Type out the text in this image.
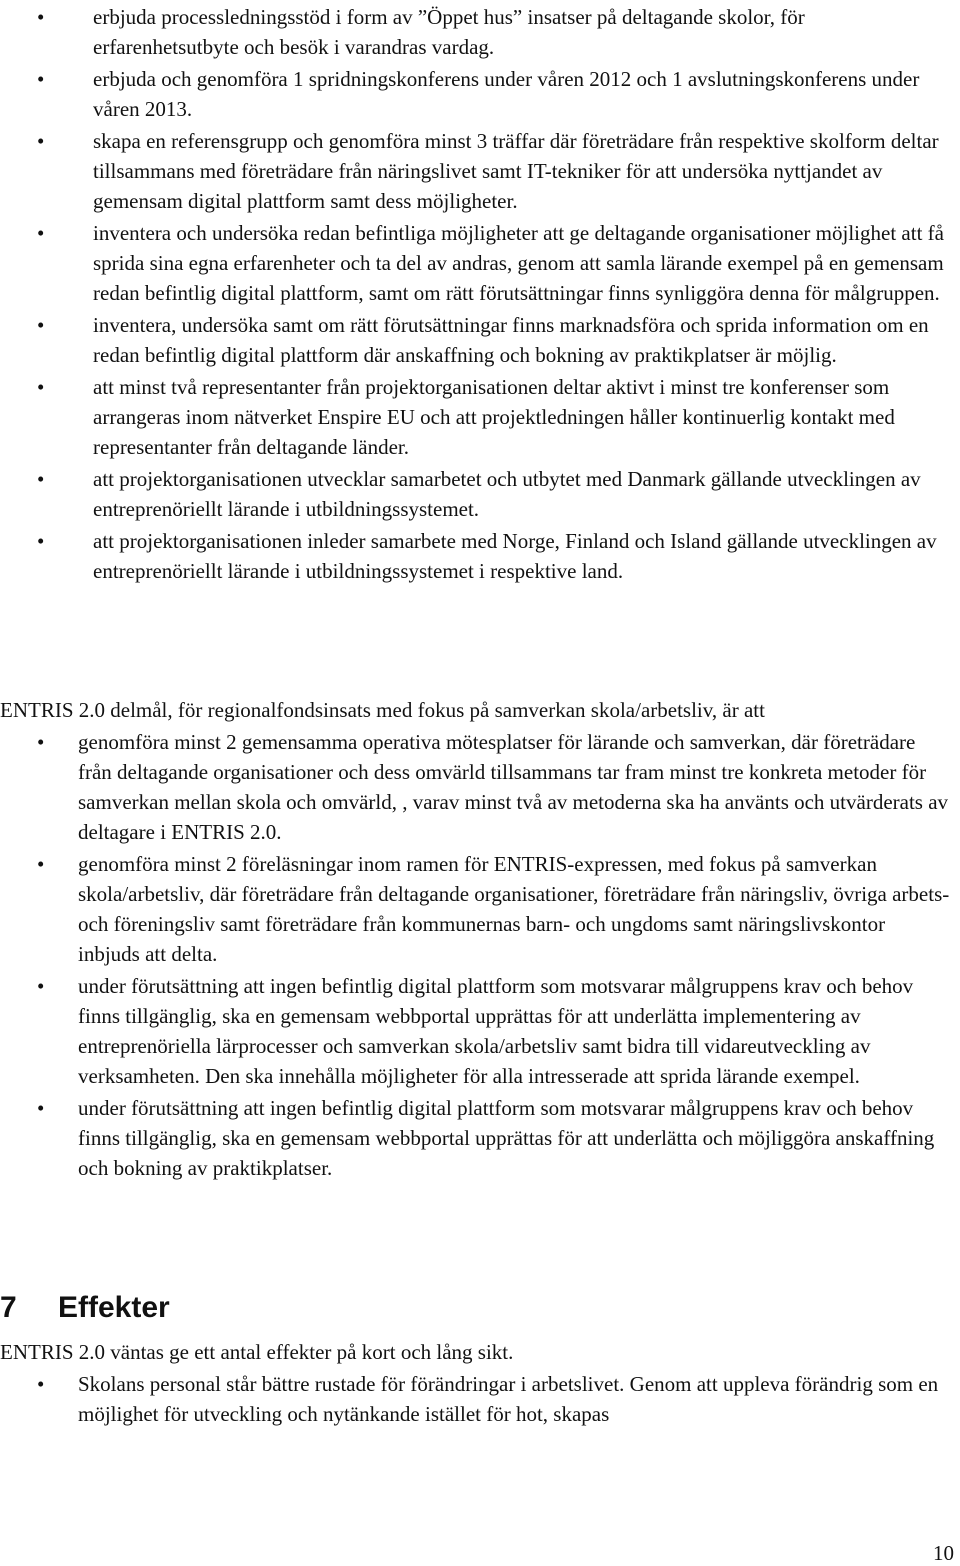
• erbjuda processledningsstöd i form av ”Öppet hus” insatser på deltagande skolor, för erfarenhetsutbyte och besök i varandras vardag.
• erbjuda och genomföra 1 spridningskonferens under våren 2012 och 1 avslutningskonferens under våren 2013.
• skapa en referensgrupp och genomföra minst 3 träffar där företrädare från respektive skolform deltar tillsammans med företrädare från näringslivet samt IT-tekniker för att undersöka nyttjandet av gemensam digital plattform samt dess möjligheter.
• inventera och undersöka redan befintliga möjligheter att ge deltagande organisationer möjlighet att få sprida sina egna erfarenheter och ta del av andras, genom att samla lärande exempel på en gemensam redan befintlig digital plattform, samt om rätt förutsättningar finns synliggöra denna för målgruppen.
• inventera, undersöka samt om rätt förutsättningar finns marknadsföra och sprida information om en redan befintlig digital plattform där anskaffning och bokning av praktikplatser är möjlig.
• att minst två representanter från projektorganisationen deltar aktivt i minst tre konferenser som arrangeras inom nätverket Enspire EU och att projektledningen håller kontinuerlig kontakt med representanter från deltagande länder.
• att projektorganisationen utvecklar samarbetet och utbytet med Danmark gällande utvecklingen av entreprenöriellt lärande i utbildningssystemet.
• att projektorganisationen inleder samarbete med Norge, Finland och Island gällande utvecklingen av entreprenöriellt lärande i utbildningssystemet i respektive land.

ENTRIS 2.0 delmål, för regionalfondsinsats med fokus på samverkan skola/arbetsliv, är att

• genomföra minst 2 gemensamma operativa mötesplatser för lärande och samverkan, där företrädare från deltagande organisationer och dess omvärld tillsammans tar fram minst tre konkreta metoder för samverkan mellan skola och omvärld, , varav minst två av metoderna ska ha använts och utvärderats av deltagare i ENTRIS 2.0.
• genomföra minst 2 föreläsningar inom ramen för ENTRIS-expressen, med fokus på samverkan skola/arbetsliv, där företrädare från deltagande organisationer, företrädare från näringsliv, övriga arbets- och föreningsliv samt företrädare från kommunernas barn- och ungdoms samt näringslivskontor inbjuds att delta.
• under förutsättning att ingen befintlig digital plattform som motsvarar målgruppens krav och behov finns tillgänglig, ska en gemensam webbportal upprättas för att underlätta implementering av entreprenöriella lärprocesser och samverkan skola/arbetsliv samt bidra till vidareutveckling av verksamheten. Den ska innehålla möjligheter för alla intresserade att sprida lärande exempel.
• under förutsättning att ingen befintlig digital plattform som motsvarar målgruppens krav och behov finns tillgänglig, ska en gemensam webbportal upprättas för att underlätta och möjliggöra anskaffning och bokning av praktikplatser.
7 Effekter

ENTRIS 2.0 väntas ge ett antal effekter på kort och lång sikt.

• Skolans personal står bättre rustade för förändringar i arbetslivet. Genom att uppleva förändrig som en möjlighet för utveckling och nytänkande istället för hot, skapas
10
